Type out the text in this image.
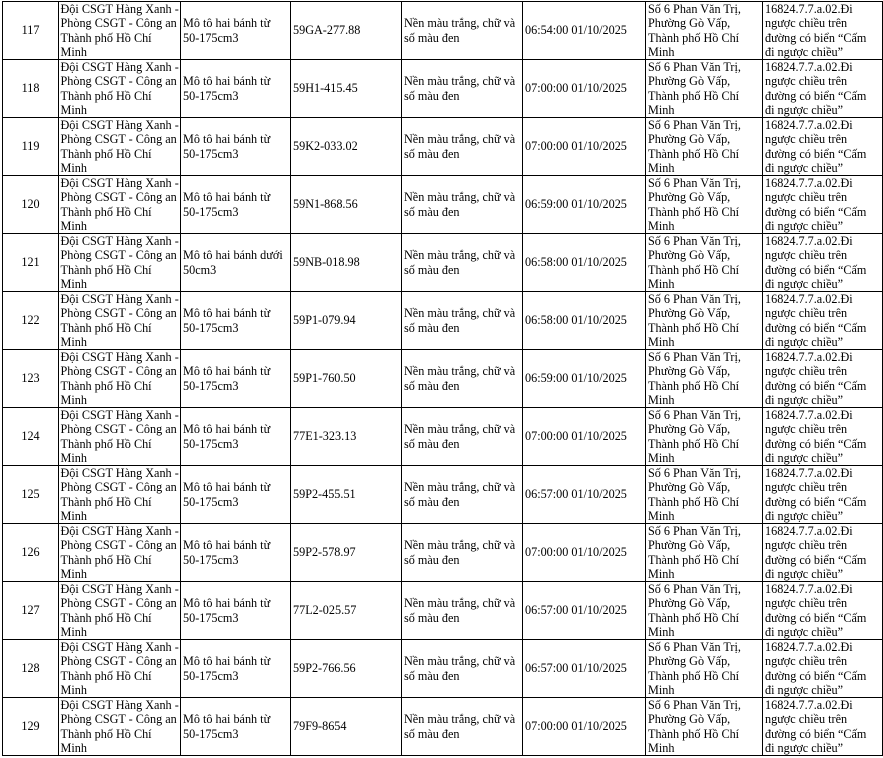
117	Đội CSGT Hàng Xanh -
Phòng CSGT - Công an
Thành phố Hồ Chí
Minh	Mô tô hai bánh từ
50-175cm3	59GA-277.88	Nền màu trắng, chữ và
số màu đen	06:54:00 01/10/2025	Số 6 Phan Văn Trị,
Phường Gò Vấp,
Thành phố Hồ Chí
Minh	16824.7.7.a.02.Đi
ngược chiều trên
đường có biển “Cấm
đi ngược chiều”
118	Đội CSGT Hàng Xanh -
Phòng CSGT - Công an
Thành phố Hồ Chí
Minh	Mô tô hai bánh từ
50-175cm3	59H1-415.45	Nền màu trắng, chữ và
số màu đen	07:00:00 01/10/2025	Số 6 Phan Văn Trị,
Phường Gò Vấp,
Thành phố Hồ Chí
Minh	16824.7.7.a.02.Đi
ngược chiều trên
đường có biển “Cấm
đi ngược chiều”
119	Đội CSGT Hàng Xanh -
Phòng CSGT - Công an
Thành phố Hồ Chí
Minh	Mô tô hai bánh từ
50-175cm3	59K2-033.02	Nền màu trắng, chữ và
số màu đen	07:00:00 01/10/2025	Số 6 Phan Văn Trị,
Phường Gò Vấp,
Thành phố Hồ Chí
Minh	16824.7.7.a.02.Đi
ngược chiều trên
đường có biển “Cấm
đi ngược chiều”
120	Đội CSGT Hàng Xanh -
Phòng CSGT - Công an
Thành phố Hồ Chí
Minh	Mô tô hai bánh từ
50-175cm3	59N1-868.56	Nền màu trắng, chữ và
số màu đen	06:59:00 01/10/2025	Số 6 Phan Văn Trị,
Phường Gò Vấp,
Thành phố Hồ Chí
Minh	16824.7.7.a.02.Đi
ngược chiều trên
đường có biển “Cấm
đi ngược chiều”
121	Đội CSGT Hàng Xanh -
Phòng CSGT - Công an
Thành phố Hồ Chí
Minh	Mô tô hai bánh dưới
50cm3	59NB-018.98	Nền màu trắng, chữ và
số màu đen	06:58:00 01/10/2025	Số 6 Phan Văn Trị,
Phường Gò Vấp,
Thành phố Hồ Chí
Minh	16824.7.7.a.02.Đi
ngược chiều trên
đường có biển “Cấm
đi ngược chiều”
122	Đội CSGT Hàng Xanh -
Phòng CSGT - Công an
Thành phố Hồ Chí
Minh	Mô tô hai bánh từ
50-175cm3	59P1-079.94	Nền màu trắng, chữ và
số màu đen	06:58:00 01/10/2025	Số 6 Phan Văn Trị,
Phường Gò Vấp,
Thành phố Hồ Chí
Minh	16824.7.7.a.02.Đi
ngược chiều trên
đường có biển “Cấm
đi ngược chiều”
123	Đội CSGT Hàng Xanh -
Phòng CSGT - Công an
Thành phố Hồ Chí
Minh	Mô tô hai bánh từ
50-175cm3	59P1-760.50	Nền màu trắng, chữ và
số màu đen	06:59:00 01/10/2025	Số 6 Phan Văn Trị,
Phường Gò Vấp,
Thành phố Hồ Chí
Minh	16824.7.7.a.02.Đi
ngược chiều trên
đường có biển “Cấm
đi ngược chiều”
124	Đội CSGT Hàng Xanh -
Phòng CSGT - Công an
Thành phố Hồ Chí
Minh	Mô tô hai bánh từ
50-175cm3	77E1-323.13	Nền màu trắng, chữ và
số màu đen	07:00:00 01/10/2025	Số 6 Phan Văn Trị,
Phường Gò Vấp,
Thành phố Hồ Chí
Minh	16824.7.7.a.02.Đi
ngược chiều trên
đường có biển “Cấm
đi ngược chiều”
125	Đội CSGT Hàng Xanh -
Phòng CSGT - Công an
Thành phố Hồ Chí
Minh	Mô tô hai bánh từ
50-175cm3	59P2-455.51	Nền màu trắng, chữ và
số màu đen	06:57:00 01/10/2025	Số 6 Phan Văn Trị,
Phường Gò Vấp,
Thành phố Hồ Chí
Minh	16824.7.7.a.02.Đi
ngược chiều trên
đường có biển “Cấm
đi ngược chiều”
126	Đội CSGT Hàng Xanh -
Phòng CSGT - Công an
Thành phố Hồ Chí
Minh	Mô tô hai bánh từ
50-175cm3	59P2-578.97	Nền màu trắng, chữ và
số màu đen	07:00:00 01/10/2025	Số 6 Phan Văn Trị,
Phường Gò Vấp,
Thành phố Hồ Chí
Minh	16824.7.7.a.02.Đi
ngược chiều trên
đường có biển “Cấm
đi ngược chiều”
127	Đội CSGT Hàng Xanh -
Phòng CSGT - Công an
Thành phố Hồ Chí
Minh	Mô tô hai bánh từ
50-175cm3	77L2-025.57	Nền màu trắng, chữ và
số màu đen	06:57:00 01/10/2025	Số 6 Phan Văn Trị,
Phường Gò Vấp,
Thành phố Hồ Chí
Minh	16824.7.7.a.02.Đi
ngược chiều trên
đường có biển “Cấm
đi ngược chiều”
128	Đội CSGT Hàng Xanh -
Phòng CSGT - Công an
Thành phố Hồ Chí
Minh	Mô tô hai bánh từ
50-175cm3	59P2-766.56	Nền màu trắng, chữ và
số màu đen	06:57:00 01/10/2025	Số 6 Phan Văn Trị,
Phường Gò Vấp,
Thành phố Hồ Chí
Minh	16824.7.7.a.02.Đi
ngược chiều trên
đường có biển “Cấm
đi ngược chiều”
129	Đội CSGT Hàng Xanh -
Phòng CSGT - Công an
Thành phố Hồ Chí
Minh	Mô tô hai bánh từ
50-175cm3	79F9-8654	Nền màu trắng, chữ và
số màu đen	07:00:00 01/10/2025	Số 6 Phan Văn Trị,
Phường Gò Vấp,
Thành phố Hồ Chí
Minh	16824.7.7.a.02.Đi
ngược chiều trên
đường có biển “Cấm
đi ngược chiều”
